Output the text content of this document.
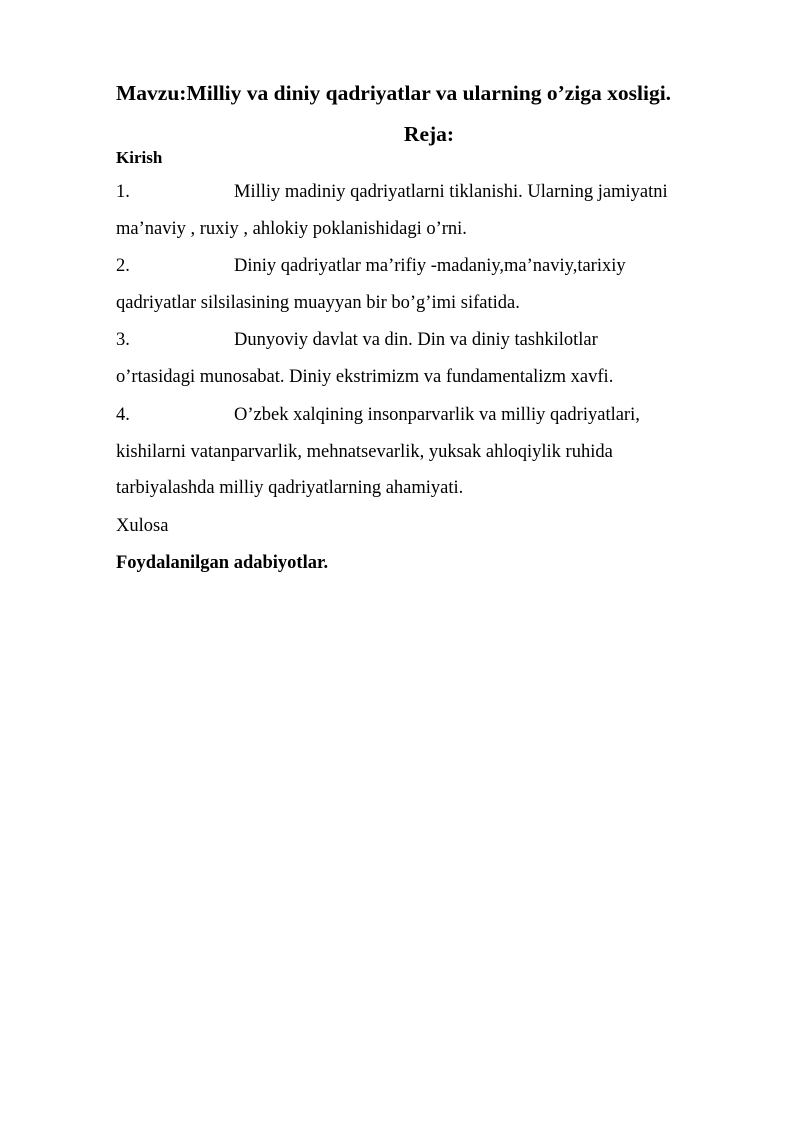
Mavzu:Milliy va diniy qadriyatlar va ularning o’ziga xosligi.
Reja:
Kirish
1.	Milliy madiniy qadriyatlarni tiklanishi. Ularning jamiyatni
ma’naviy , ruxiy , ahlokiy poklanishidagi o’rni.
2.	Diniy qadriyatlar ma’rifiy -madaniy,ma’naviy,tarixiy
qadriyatlar silsilasining muayyan bir bo’g’imi sifatida.
3.	Dunyoviy davlat va din. Din va diniy tashkilotlar
o’rtasidagi munosabat. Diniy ekstrimizm va fundamentalizm xavfi.
4.	O’zbek xalqining insonparvarlik va milliy qadriyatlari,
kishilarni vatanparvarlik, mehnatsevarlik, yuksak ahloqiylik ruhida
tarbiyalashda milliy qadriyatlarning ahamiyati.
Xulosa
Foydalanilgan adabiyotlar.
